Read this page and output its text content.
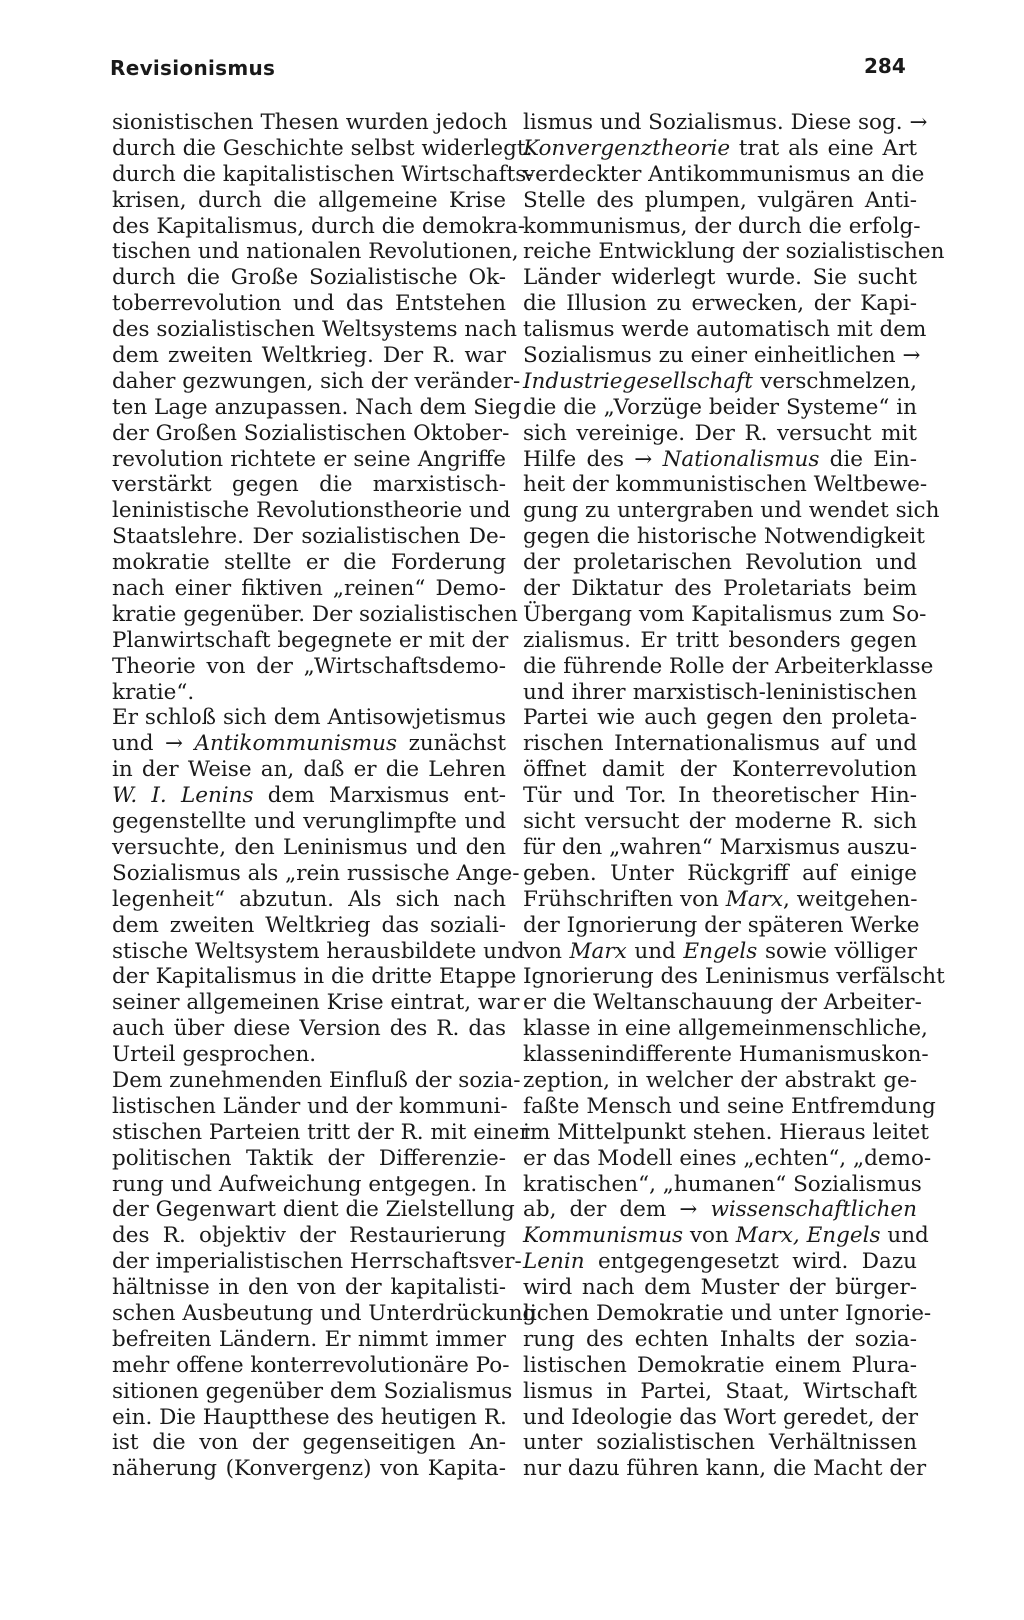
Revisionismus	284
sionistischen Thesen wurden jedoch
durch die Geschichte selbst widerlegt:
durch die kapitalistischen Wirtschafts-
krisen, durch die allgemeine Krise
des Kapitalismus, durch die demokra-
tischen und nationalen Revolutionen,
durch die Große Sozialistische Ok-
toberrevolution und das Entstehen
des sozialistischen Weltsystems nach
dem zweiten Weltkrieg. Der R. war
daher gezwungen, sich der veränder-
ten Lage anzupassen. Nach dem Sieg
der Großen Sozialistischen Oktober-
revolution richtete er seine Angriffe
verstärkt gegen die marxistisch-
leninistische Revolutionstheorie und
Staatslehre. Der sozialistischen De-
mokratie stellte er die Forderung
nach einer fiktiven „reinen“ Demo-
kratie gegenüber. Der sozialistischen
Planwirtschaft begegnete er mit der
Theorie von der „Wirtschaftsdemo-
kratie“.
Er schloß sich dem Antisowjetismus
und → Antikommunismus zunächst
in der Weise an, daß er die Lehren
W. I. Lenins dem Marxismus ent-
gegenstellte und verunglimpfte und
versuchte, den Leninismus und den
Sozialismus als „rein russische Ange-
legenheit“ abzutun. Als sich nach
dem zweiten Weltkrieg das soziali-
stische Weltsystem herausbildete und
der Kapitalismus in die dritte Etappe
seiner allgemeinen Krise eintrat, war
auch über diese Version des R. das
Urteil gesprochen.
Dem zunehmenden Einfluß der sozia-
listischen Länder und der kommuni-
stischen Parteien tritt der R. mit einer
politischen Taktik der Differenzie-
rung und Aufweichung entgegen. In
der Gegenwart dient die Zielstellung
des R. objektiv der Restaurierung
der imperialistischen Herrschaftsver-
hältnisse in den von der kapitalisti-
schen Ausbeutung und Unterdrückung
befreiten Ländern. Er nimmt immer
mehr offene konterrevolutionäre Po-
sitionen gegenüber dem Sozialismus
ein. Die Hauptthese des heutigen R.
ist die von der gegenseitigen An-
näherung (Konvergenz) von Kapita-
lismus und Sozialismus. Diese sog. →
Konvergenztheorie trat als eine Art
verdeckter Antikommunismus an die
Stelle des plumpen, vulgären Anti-
kommunismus, der durch die erfolg-
reiche Entwicklung der sozialistischen
Länder widerlegt wurde. Sie sucht
die Illusion zu erwecken, der Kapi-
talismus werde automatisch mit dem
Sozialismus zu einer einheitlichen →
Industriegesellschaft verschmelzen,
die die „Vorzüge beider Systeme“ in
sich vereinige. Der R. versucht mit
Hilfe des → Nationalismus die Ein-
heit der kommunistischen Weltbewe-
gung zu untergraben und wendet sich
gegen die historische Notwendigkeit
der proletarischen Revolution und
der Diktatur des Proletariats beim
Übergang vom Kapitalismus zum So-
zialismus. Er tritt besonders gegen
die führende Rolle der Arbeiterklasse
und ihrer marxistisch-leninistischen
Partei wie auch gegen den proleta-
rischen Internationalismus auf und
öffnet damit der Konterrevolution
Tür und Tor. In theoretischer Hin-
sicht versucht der moderne R. sich
für den „wahren“ Marxismus auszu-
geben. Unter Rückgriff auf einige
Frühschriften von Marx, weitgehen-
der Ignorierung der späteren Werke
von Marx und Engels sowie völliger
Ignorierung des Leninismus verfälscht
er die Weltanschauung der Arbeiter-
klasse in eine allgemeinmenschliche,
klassenindifferente Humanismuskon-
zeption, in welcher der abstrakt ge-
faßte Mensch und seine Entfremdung
im Mittelpunkt stehen. Hieraus leitet
er das Modell eines „echten“, „demo-
kratischen“, „humanen“ Sozialismus
ab, der dem → wissenschaftlichen
Kommunismus von Marx, Engels und
Lenin entgegengesetzt wird. Dazu
wird nach dem Muster der bürger-
lichen Demokratie und unter Ignorie-
rung des echten Inhalts der sozia-
listischen Demokratie einem Plura-
lismus in Partei, Staat, Wirtschaft
und Ideologie das Wort geredet, der
unter sozialistischen Verhältnissen
nur dazu führen kann, die Macht der
